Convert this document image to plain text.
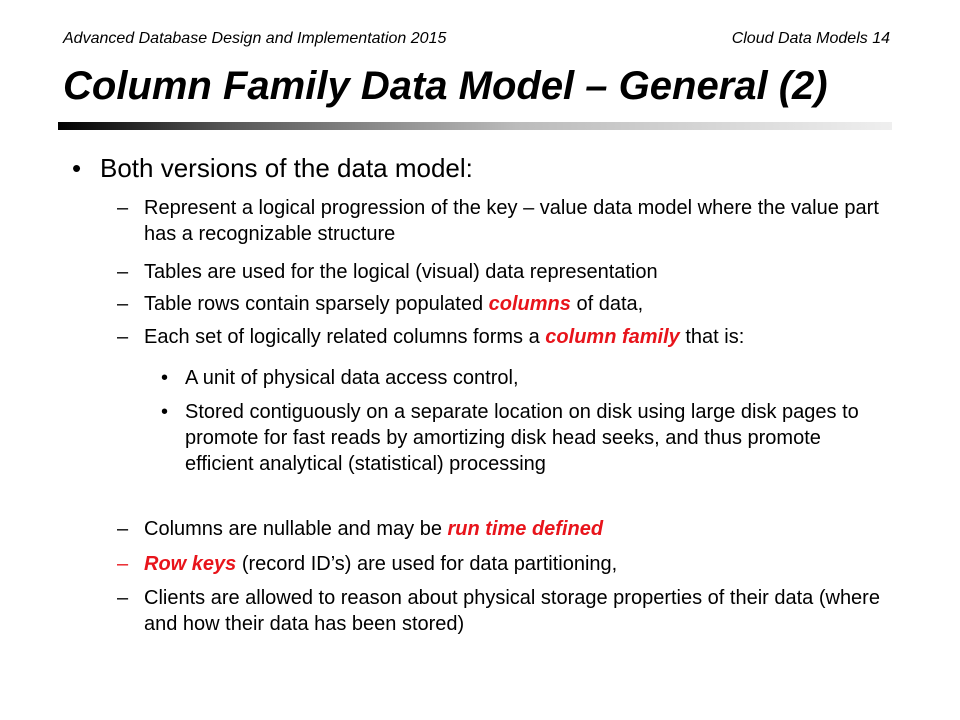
Advanced Database Design and Implementation 2015	Cloud Data Models 14
Column Family Data Model – General (2)
• Both versions of the data model:
– Represent a logical progression of the key – value data model where the value part has a recognizable structure
– Tables are used for the logical (visual) data representation
– Table rows contain sparsely populated columns of data,
– Each set of logically related columns forms a column family that is:
• A unit of physical data access control,
• Stored contiguously on a separate location on disk using large disk pages to promote for fast reads by amortizing disk head seeks, and thus promote efficient analytical (statistical) processing
– Columns are nullable and may be run time defined
– Row keys (record ID’s) are used for data partitioning,
– Clients are allowed to reason about physical storage properties of their data (where and how their data has been stored)
